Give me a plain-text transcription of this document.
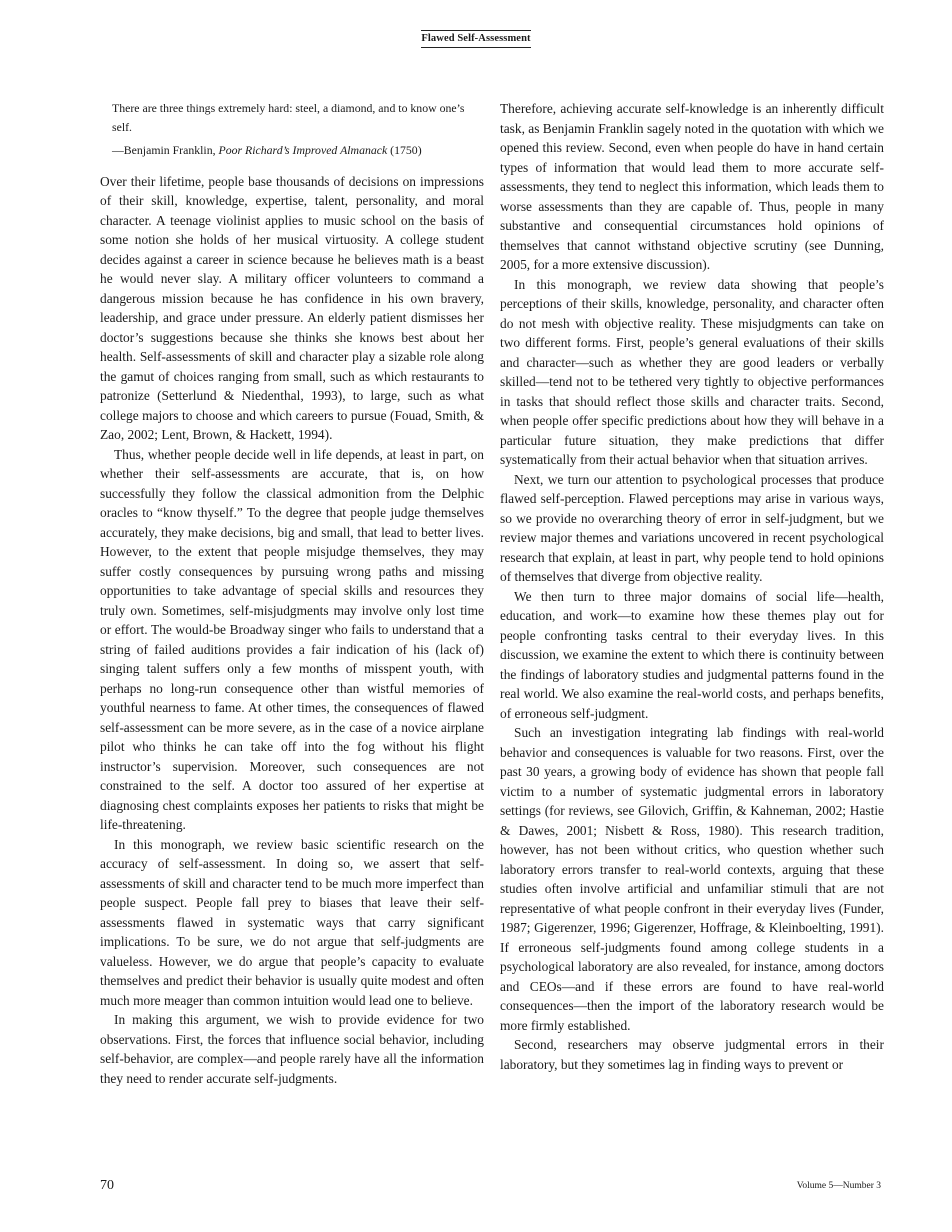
Flawed Self-Assessment
There are three things extremely hard: steel, a diamond, and to know one’s self.
—Benjamin Franklin, Poor Richard’s Improved Almanack (1750)

Over their lifetime, people base thousands of decisions on impressions of their skill, knowledge, expertise, talent, personality, and moral character. A teenage violinist applies to music school on the basis of some notion she holds of her musical virtuosity. A college student decides against a career in science because he believes math is a beast he would never slay. A military officer volunteers to command a dangerous mission because he has confidence in his own bravery, leadership, and grace under pressure. An elderly patient dismisses her doctor’s suggestions because she thinks she knows best about her health. Self-assessments of skill and character play a sizable role along the gamut of choices ranging from small, such as which restaurants to patronize (Setterlund & Niedenthal, 1993), to large, such as what college majors to choose and which careers to pursue (Fouad, Smith, & Zao, 2002; Lent, Brown, & Hackett, 1994).

Thus, whether people decide well in life depends, at least in part, on whether their self-assessments are accurate, that is, on how successfully they follow the classical admonition from the Delphic oracles to “know thyself.” To the degree that people judge themselves accurately, they make decisions, big and small, that lead to better lives. However, to the extent that people misjudge themselves, they may suffer costly consequences by pursuing wrong paths and missing opportunities to take advantage of special skills and resources they truly own. Sometimes, self-misjudgments may involve only lost time or effort. The would-be Broadway singer who fails to understand that a string of failed auditions provides a fair indication of his (lack of) singing talent suffers only a few months of misspent youth, with perhaps no long-run consequence other than wistful memories of youthful nearness to fame. At other times, the consequences of flawed self-assessment can be more severe, as in the case of a novice airplane pilot who thinks he can take off into the fog without his flight instructor’s supervision. Moreover, such consequences are not constrained to the self. A doctor too assured of her expertise at diagnosing chest complaints exposes her patients to risks that might be life-threatening.

In this monograph, we review basic scientific research on the accuracy of self-assessment. In doing so, we assert that self-assessments of skill and character tend to be much more imperfect than people suspect. People fall prey to biases that leave their self-assessments flawed in systematic ways that carry significant implications. To be sure, we do not argue that self-judgments are valueless. However, we do argue that people’s capacity to evaluate themselves and predict their behavior is usually quite modest and often much more meager than common intuition would lead one to believe.

In making this argument, we wish to provide evidence for two observations. First, the forces that influence social behavior, including self-behavior, are complex—and people rarely have all the information they need to render accurate self-judgments.

Therefore, achieving accurate self-knowledge is an inherently difficult task, as Benjamin Franklin sagely noted in the quotation with which we opened this review. Second, even when people do have in hand certain types of information that would lead them to more accurate self-assessments, they tend to neglect this information, which leads them to worse assessments than they are capable of. Thus, people in many substantive and consequential circumstances hold opinions of themselves that cannot withstand objective scrutiny (see Dunning, 2005, for a more extensive discussion).

In this monograph, we review data showing that people’s perceptions of their skills, knowledge, personality, and character often do not mesh with objective reality. These misjudgments can take on two different forms. First, people’s general evaluations of their skills and character—such as whether they are good leaders or verbally skilled—tend not to be tethered very tightly to objective performances in tasks that should reflect those skills and character traits. Second, when people offer specific predictions about how they will behave in a particular future situation, they make predictions that differ systematically from their actual behavior when that situation arrives.

Next, we turn our attention to psychological processes that produce flawed self-perception. Flawed perceptions may arise in various ways, so we provide no overarching theory of error in self-judgment, but we review major themes and variations uncovered in recent psychological research that explain, at least in part, why people tend to hold opinions of themselves that diverge from objective reality.

We then turn to three major domains of social life—health, education, and work—to examine how these themes play out for people confronting tasks central to their everyday lives. In this discussion, we examine the extent to which there is continuity between the findings of laboratory studies and judgmental patterns found in the real world. We also examine the real-world costs, and perhaps benefits, of erroneous self-judgment.

Such an investigation integrating lab findings with real-world behavior and consequences is valuable for two reasons. First, over the past 30 years, a growing body of evidence has shown that people fall victim to a number of systematic judgmental errors in laboratory settings (for reviews, see Gilovich, Griffin, & Kahneman, 2002; Hastie & Dawes, 2001; Nisbett & Ross, 1980). This research tradition, however, has not been without critics, who question whether such laboratory errors transfer to real-world contexts, arguing that these studies often involve artificial and unfamiliar stimuli that are not representative of what people confront in their everyday lives (Funder, 1987; Gigerenzer, 1996; Gigerenzer, Hoffrage, & Kleinboelting, 1991). If erroneous self-judgments found among college students in a psychological laboratory are also revealed, for instance, among doctors and CEOs—and if these errors are found to have real-world consequences—then the import of the laboratory research would be more firmly established.

Second, researchers may observe judgmental errors in their laboratory, but they sometimes lag in finding ways to prevent or

70	Volume 5—Number 3
